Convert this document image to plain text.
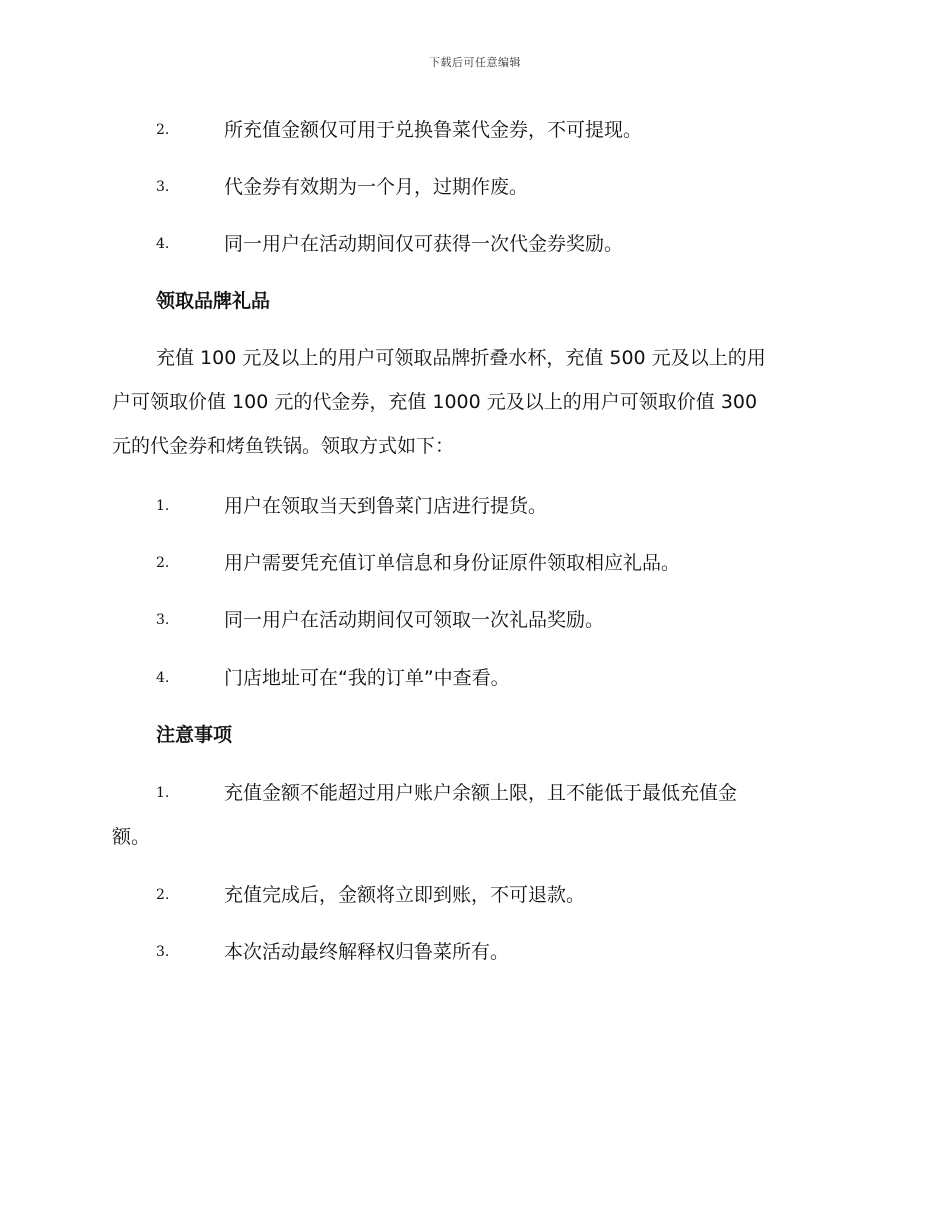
下载后可任意编辑
2.	所充值金额仅可用于兑换鲁菜代金券，不可提现。
3.	代金券有效期为一个月，过期作废。
4.	同一用户在活动期间仅可获得一次代金券奖励。
领取品牌礼品
充值 100 元及以上的用户可领取品牌折叠水杯，充值 500 元及以上的用
户可领取价值 100 元的代金券，充值 1000 元及以上的用户可领取价值 300
元的代金券和烤鱼铁锅。领取方式如下：
1.	用户在领取当天到鲁菜门店进行提货。
2.	用户需要凭充值订单信息和身份证原件领取相应礼品。
3.	同一用户在活动期间仅可领取一次礼品奖励。
4.	门店地址可在“我的订单”中查看。
注意事项
1.	充值金额不能超过用户账户余额上限，且不能低于最低充值金
额。
2.	充值完成后，金额将立即到账，不可退款。
3.	本次活动最终解释权归鲁菜所有。
